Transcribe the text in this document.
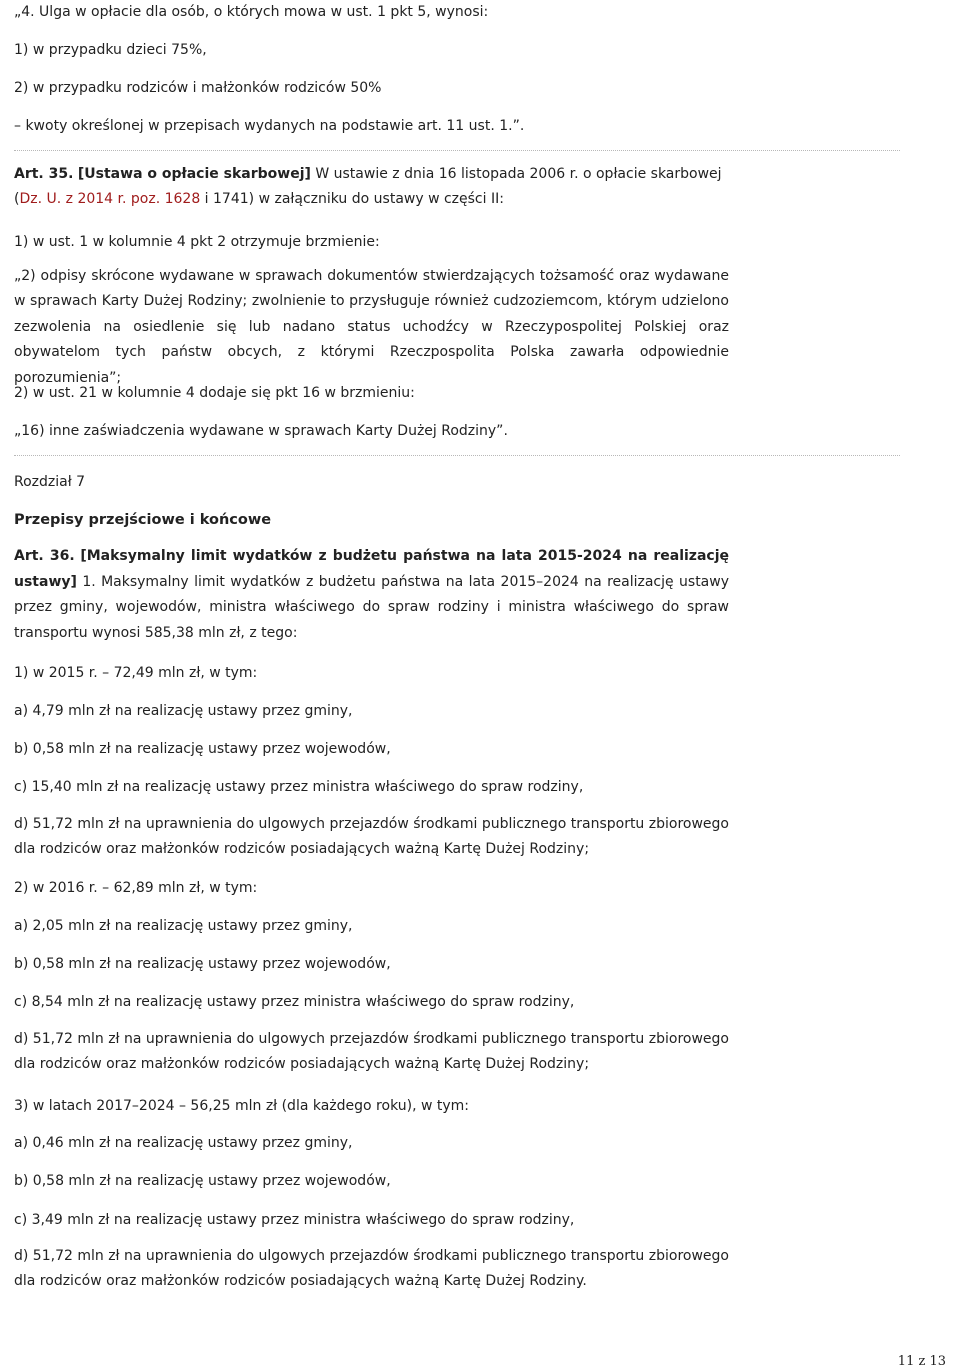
„4. Ulga w opłacie dla osób, o których mowa w ust. 1 pkt 5, wynosi:
1) w przypadku dzieci 75%,
2) w przypadku rodziców i małżonków rodziców 50%
– kwoty określonej w przepisach wydanych na podstawie art. 11 ust. 1.”.
Art. 35. [Ustawa o opłacie skarbowej] W ustawie z dnia 16 listopada 2006 r. o opłacie skarbowej
(Dz. U. z 2014 r. poz. 1628 i 1741) w załączniku do ustawy w części II:
1) w ust. 1 w kolumnie 4 pkt 2 otrzymuje brzmienie:
„2) odpisy skrócone wydawane w sprawach dokumentów stwierdzających tożsamość oraz wydawane w sprawach Karty Dużej Rodziny; zwolnienie to przysługuje również cudzoziemcom, którym udzielono zezwolenia na osiedlenie się lub nadano status uchodźcy w Rzeczypospolitej Polskiej oraz obywatelom tych państw obcych, z którymi Rzeczpospolita Polska zawarła odpowiednie porozumienia”;
2) w ust. 21 w kolumnie 4 dodaje się pkt 16 w brzmieniu:
„16) inne zaświadczenia wydawane w sprawach Karty Dużej Rodziny”.
Rozdział 7
Przepisy przejściowe i końcowe
Art. 36. [Maksymalny limit wydatków z budżetu państwa na lata 2015-2024 na realizację ustawy] 1. Maksymalny limit wydatków z budżetu państwa na lata 2015–2024 na realizację ustawy przez gminy, wojewodów, ministra właściwego do spraw rodziny i ministra właściwego do spraw transportu wynosi 585,38 mln zł, z tego:
1) w 2015 r. – 72,49 mln zł, w tym:
a) 4,79 mln zł na realizację ustawy przez gminy,
b) 0,58 mln zł na realizację ustawy przez wojewodów,
c) 15,40 mln zł na realizację ustawy przez ministra właściwego do spraw rodziny,
d) 51,72 mln zł na uprawnienia do ulgowych przejazdów środkami publicznego transportu zbiorowego dla rodziców oraz małżonków rodziców posiadających ważną Kartę Dużej Rodziny;
2) w 2016 r. – 62,89 mln zł, w tym:
a) 2,05 mln zł na realizację ustawy przez gminy,
b) 0,58 mln zł na realizację ustawy przez wojewodów,
c) 8,54 mln zł na realizację ustawy przez ministra właściwego do spraw rodziny,
d) 51,72 mln zł na uprawnienia do ulgowych przejazdów środkami publicznego transportu zbiorowego dla rodziców oraz małżonków rodziców posiadających ważną Kartę Dużej Rodziny;
3) w latach 2017–2024 – 56,25 mln zł (dla każdego roku), w tym:
a) 0,46 mln zł na realizację ustawy przez gminy,
b) 0,58 mln zł na realizację ustawy przez wojewodów,
c) 3,49 mln zł na realizację ustawy przez ministra właściwego do spraw rodziny,
d) 51,72 mln zł na uprawnienia do ulgowych przejazdów środkami publicznego transportu zbiorowego dla rodziców oraz małżonków rodziców posiadających ważną Kartę Dużej Rodziny.
11 z 13
